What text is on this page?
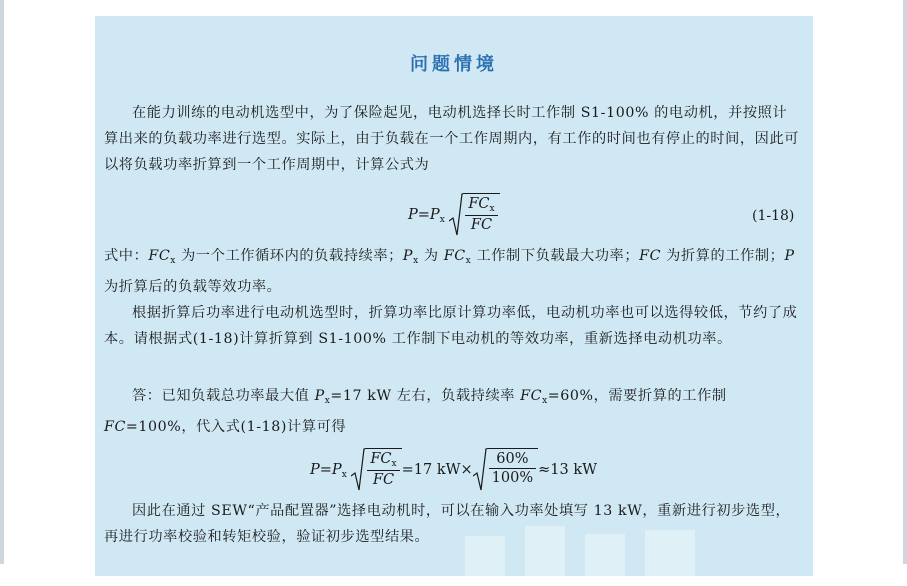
问题情境

在能力训练的电动机选型中，为了保险起见，电动机选择长时工作制 S1-100% 的电动机，并按照计算出来的负载功率进行选型。实际上，由于负载在一个工作周期内，有工作的时间也有停止的时间，因此可以将负载功率折算到一个工作周期中，计算公式为

$P=P_x \frac{FC_x}{FC}$	(1-18)

式中：$FC_x$ 为一个工作循环内的负载持续率；$P_x$ 为 $FC_x$ 工作制下负载最大功率；FC 为折算的工作制；P 为折算后的负载等效功率。

根据折算后功率进行电动机选型时，折算功率比原计算功率低，电动机功率也可以选得较低，节约了成本。请根据式(1-18)计算折算到 S1-100% 工作制下电动机的等效功率，重新选择电动机功率。

答：已知负载总功率最大值 $P_x=17$ kW 左右，负载持续率 $FC_x=60\%$，需要折算的工作制 FC=100%，代入式(1-18)计算可得

$P=P_x \frac{FC_x}{FC} =17$ $kW\times \frac{60\%}{100\%} \approx 13$ kW

因此在通过 SEW“产品配置器”选择电动机时，可以在输入功率处填写 13 kW，重新进行初步选型，再进行功率校验和转矩校验，验证初步选型结果。
